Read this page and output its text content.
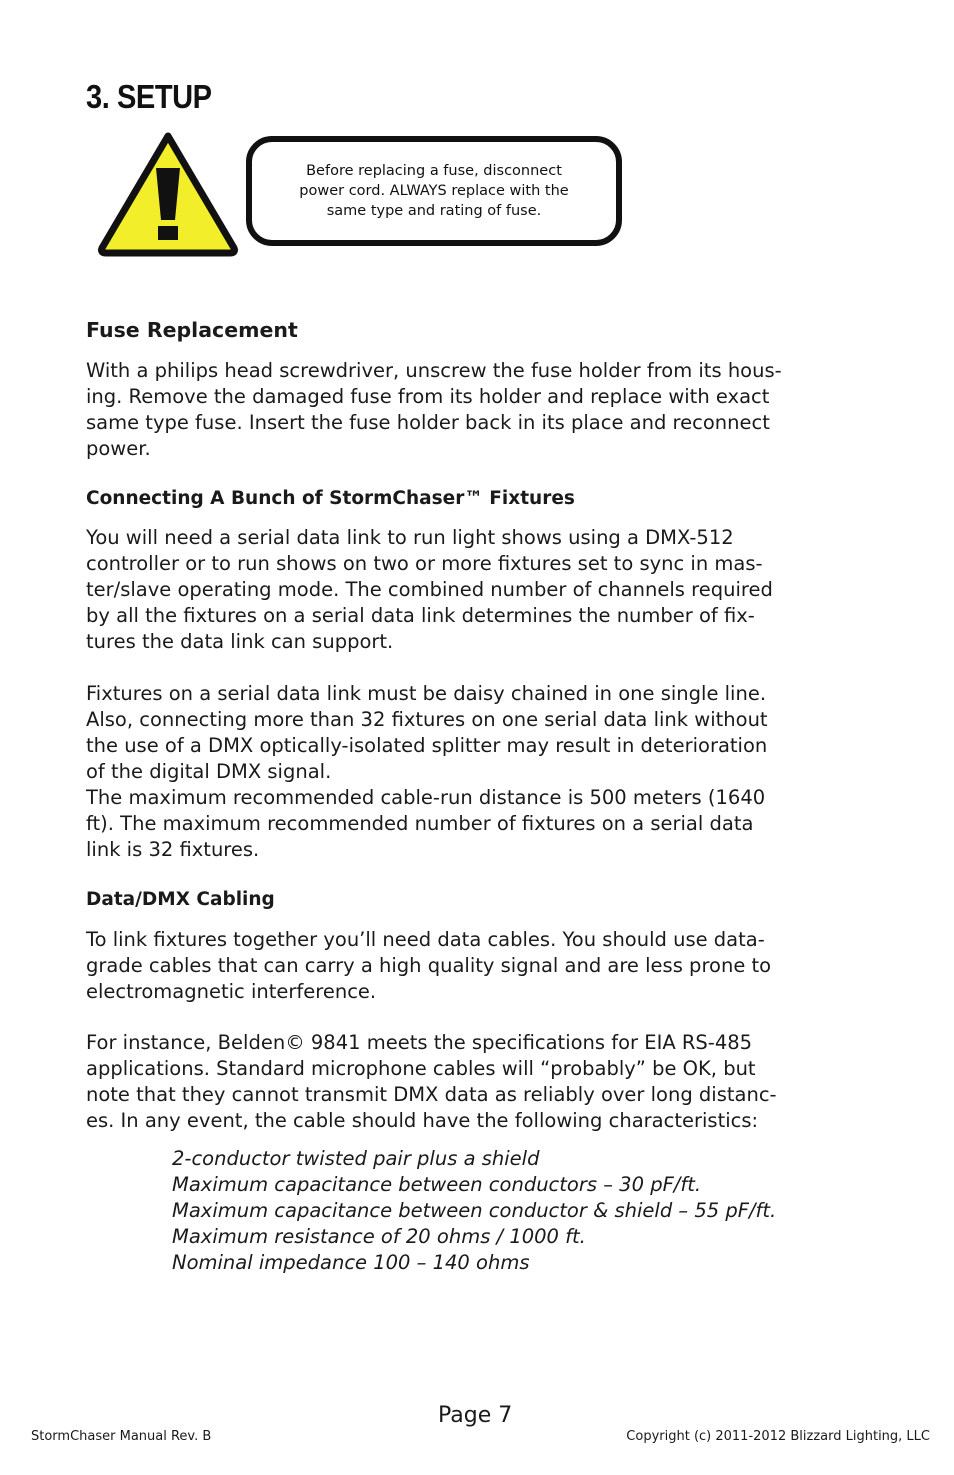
3. SETUP

Before replacing a fuse, disconnect
power cord. ALWAYS replace with the
same type and rating of fuse.

Fuse Replacement

With a philips head screwdriver, unscrew the fuse holder from its hous-
ing. Remove the damaged fuse from its holder and replace with exact
same type fuse. Insert the fuse holder back in its place and reconnect
power.

Connecting A Bunch of StormChaser™ Fixtures

You will need a serial data link to run light shows using a DMX-512
controller or to run shows on two or more fixtures set to sync in mas-
ter/slave operating mode. The combined number of channels required
by all the fixtures on a serial data link determines the number of fix-
tures the data link can support.

Fixtures on a serial data link must be daisy chained in one single line.
Also, connecting more than 32 fixtures on one serial data link without
the use of a DMX optically-isolated splitter may result in deterioration
of the digital DMX signal.
The maximum recommended cable-run distance is 500 meters (1640
ft). The maximum recommended number of fixtures on a serial data
link is 32 fixtures.

Data/DMX Cabling

To link fixtures together you’ll need data cables. You should use data-
grade cables that can carry a high quality signal and are less prone to
electromagnetic interference.

For instance, Belden© 9841 meets the specifications for EIA RS-485
applications. Standard microphone cables will “probably” be OK, but
note that they cannot transmit DMX data as reliably over long distanc-
es. In any event, the cable should have the following characteristics:

2-conductor twisted pair plus a shield
Maximum capacitance between conductors – 30 pF/ft.
Maximum capacitance between conductor & shield – 55 pF/ft.
Maximum resistance of 20 ohms / 1000 ft.
Nominal impedance 100 – 140 ohms
Page 7
StormChaser Manual Rev. B	Copyright (c) 2011-2012 Blizzard Lighting, LLC
